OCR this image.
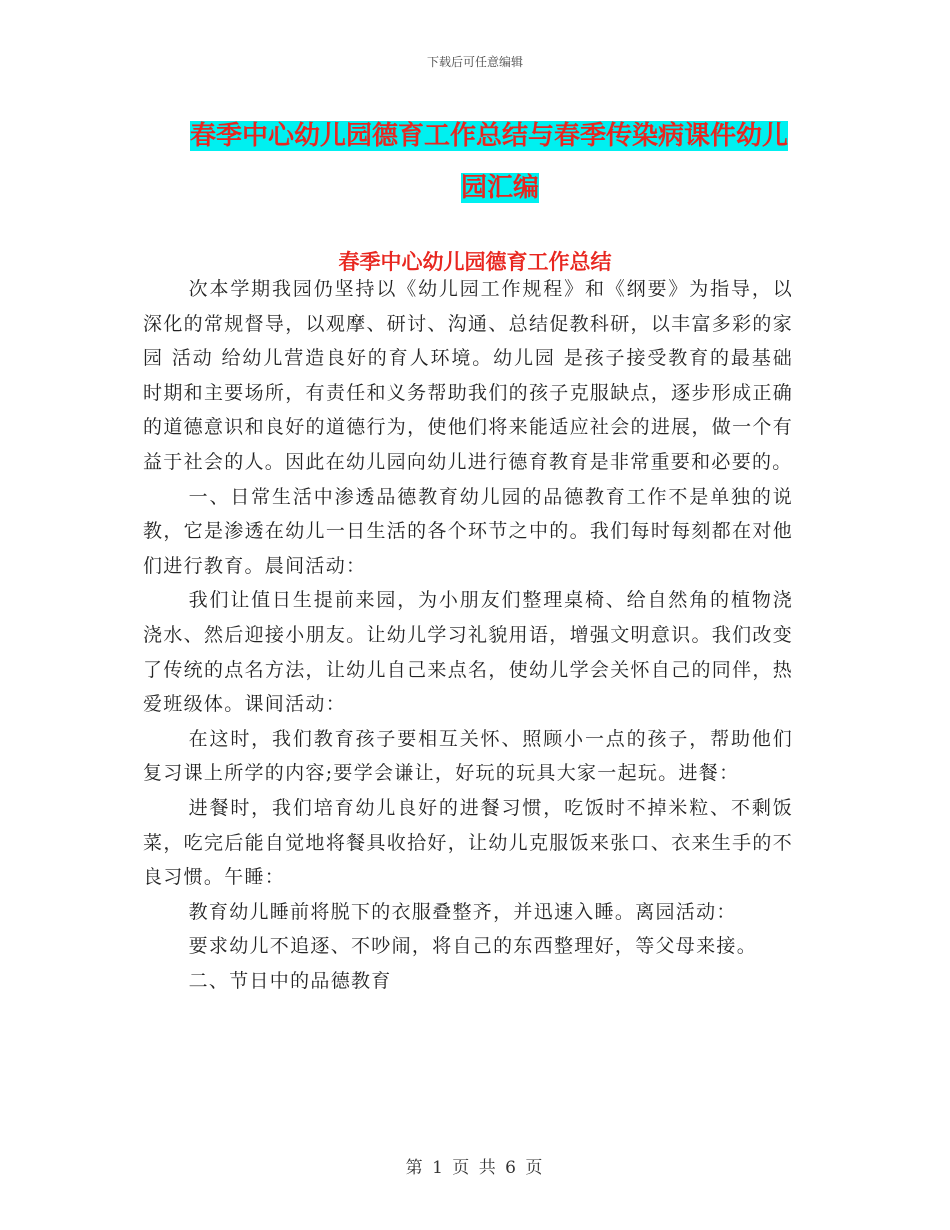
下载后可任意编辑
春季中心幼儿园德育工作总结与春季传染病课件幼儿
园汇编
春季中心幼儿园德育工作总结

次本学期我园仍坚持以《幼儿园工作规程》和《纲要》为指导，以深化的常规督导，以观摩、研讨、沟通、总结促教科研，以丰富多彩的家园 活动 给幼儿营造良好的育人环境。幼儿园 是孩子接受教育的最基础时期和主要场所，有责任和义务帮助我们的孩子克服缺点，逐步形成正确的道德意识和良好的道德行为，使他们将来能适应社会的进展，做一个有益于社会的人。因此在幼儿园向幼儿进行德育教育是非常重要和必要的。

一、日常生活中渗透品德教育幼儿园的品德教育工作不是单独的说教，它是渗透在幼儿一日生活的各个环节之中的。我们每时每刻都在对他们进行教育。晨间活动：

我们让值日生提前来园，为小朋友们整理桌椅、给自然角的植物浇浇水、然后迎接小朋友。让幼儿学习礼貌用语，增强文明意识。我们改变了传统的点名方法，让幼儿自己来点名，使幼儿学会关怀自己的同伴，热爱班级体。课间活动：

在这时，我们教育孩子要相互关怀、照顾小一点的孩子，帮助他们复习课上所学的内容;要学会谦让，好玩的玩具大家一起玩。进餐：

进餐时，我们培育幼儿良好的进餐习惯，吃饭时不掉米粒、不剩饭菜，吃完后能自觉地将餐具收拾好，让幼儿克服饭来张口、衣来生手的不良习惯。午睡：

教育幼儿睡前将脱下的衣服叠整齐，并迅速入睡。离园活动：

要求幼儿不追逐、不吵闹，将自己的东西整理好，等父母来接。

二、节日中的品德教育

第 1 页 共 6 页
